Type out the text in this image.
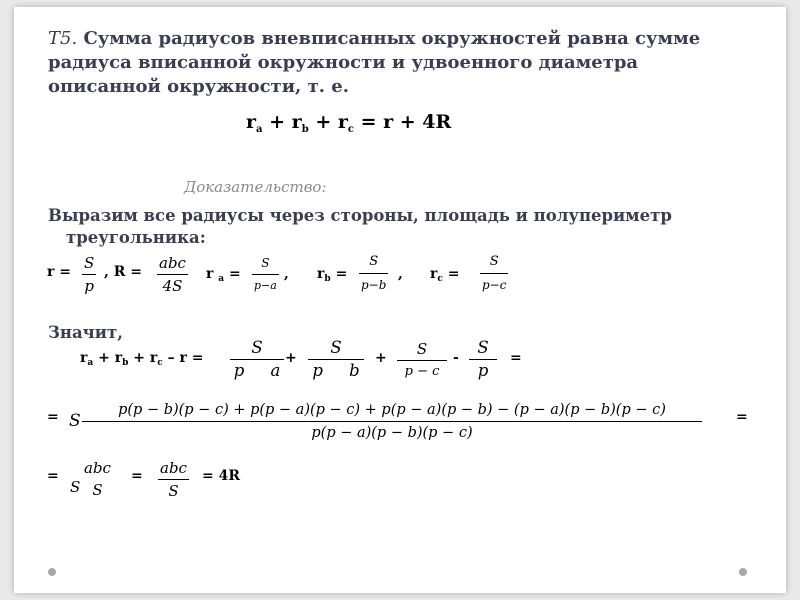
T5. Сумма радиусов вневписанных окружностей равна сумме
радиуса вписанной окружности и удвоенного диаметра
описанной окружности, т. е.
$r_a + r_b + r_c = r + 4R$
Доказательство:
Выразим все радиусы через стороны, площадь и полупериметр
треугольника:
r = S
p
, R = abc
4S
r $_a$ =
S
p−a
, $r_b$ =
S
p−b
, $r_c$ =
S
p−c
Значит,
$r_a + r_b + r_c - r$ =
S
p     a
+
S
p     b
+ S
p − c
-
S
p
=
= S
p(p − b)(p − c) + p(p − a)(p − c) + p(p − a)(p − b) − (p − a)(p − b)(p − c)
p(p − a)(p − b)(p − c)
=
=
S
abc
S
= abc
S
= 4R
